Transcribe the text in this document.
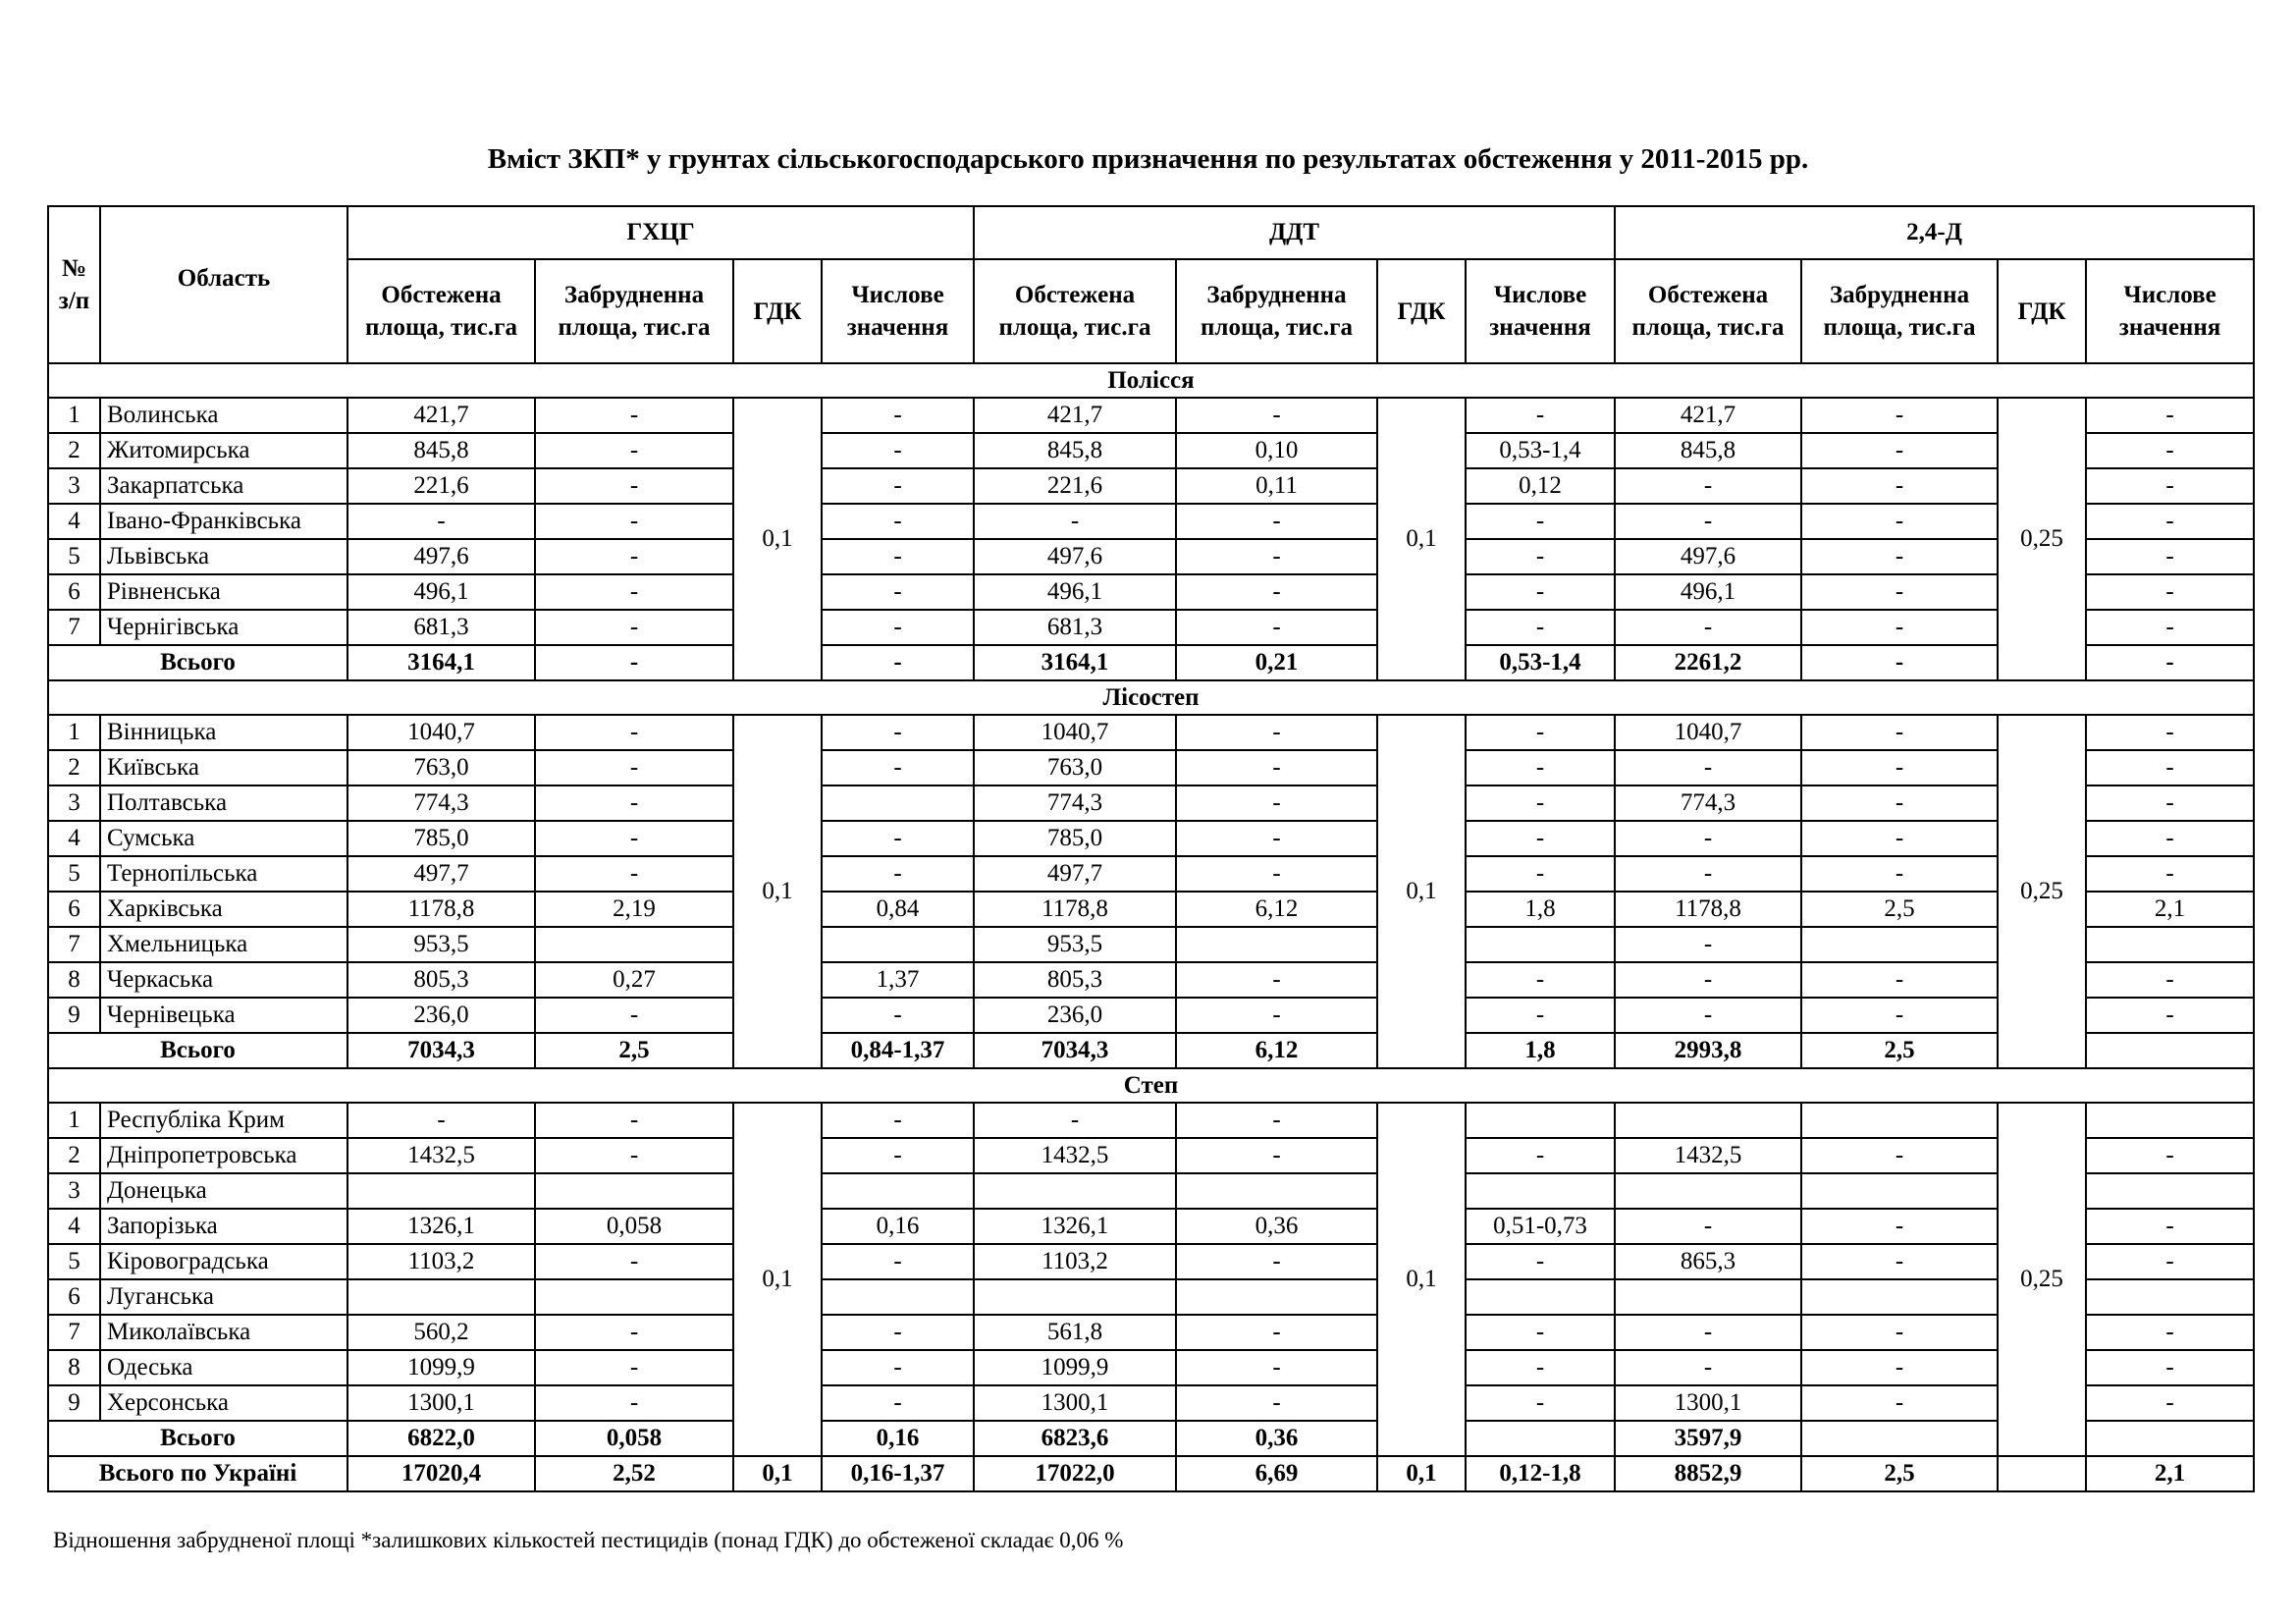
Вміст ЗКП* у грунтах сільськогосподарського призначення по результатах обстеження у 2011-2015 рр.
№ з/п	Область	ГХЦГ				ДДТ				2,4-Д			
		Обстежена площа, тис.га	Забрудненна площа, тис.га	ГДК	Числове значення	Обстежена площа, тис.га	Забрудненна площа, тис.га	ГДК	Числове значення	Обстежена площа, тис.га	Забрудненна площа, тис.га	ГДК	Числове значення
Полісся													
1	Волинська	421,7	-	0,1	-	421,7	-	0,1	-	421,7	-	0,25	-
2	Житомирська	845,8	-		-	845,8	0,10		0,53-1,4	845,8	-		-
3	Закарпатська	221,6	-		-	221,6	0,11		0,12	-	-		-
4	Івано-Франківська	-	-		-	-	-		-	-	-		-
5	Львівська	497,6	-		-	497,6	-		-	497,6	-		-
6	Рівненська	496,1	-		-	496,1	-		-	496,1	-		-
7	Чернігівська	681,3	-		-	681,3	-		-	-	-		-
Всього		3164,1	-		-	3164,1	0,21		0,53-1,4	2261,2	-		-
Лісостеп													
1	Вінницька	1040,7	-	0,1	-	1040,7	-	0,1	-	1040,7	-	0,25	-
2	Київська	763,0	-		-	763,0	-		-	-	-		-
3	Полтавська	774,3	-			774,3	-		-	774,3	-		-
4	Сумська	785,0	-		-	785,0	-		-	-	-		-
5	Тернопільська	497,7	-		-	497,7	-		-	-	-		-
6	Харківська	1178,8	2,19		0,84	1178,8	6,12		1,8	1178,8	2,5		2,1
7	Хмельницька	953,5				953,5				-			
8	Черкаська	805,3	0,27		1,37	805,3	-		-	-	-		-
9	Чернівецька	236,0	-		-	236,0	-		-	-	-		-
Всього		7034,3	2,5		0,84-1,37	7034,3	6,12		1,8	2993,8	2,5		
Степ													
1	Республіка Крим	-	-	0,1	-	-	-	0,1				0,25	
2	Дніпропетровська	1432,5	-		-	1432,5	-		-	1432,5	-		-
3	Донецька												
4	Запорізька	1326,1	0,058		0,16	1326,1	0,36		0,51-0,73	-	-		-
5	Кіровоградська	1103,2	-		-	1103,2	-		-	865,3	-		-
6	Луганська												
7	Миколаївська	560,2	-		-	561,8	-		-	-	-		-
8	Одеська	1099,9	-		-	1099,9	-		-	-	-		-
9	Херсонська	1300,1	-		-	1300,1	-		-	1300,1	-		-
Всього		6822,0	0,058		0,16	6823,6	0,36			3597,9			
Всього по Україні		17020,4	2,52	0,1	0,16-1,37	17022,0	6,69	0,1	0,12-1,8	8852,9	2,5		2,1
Відношення забрудненої площі *залишкових кількостей пестицидів (понад ГДК) до обстеженої складає 0,06 %
